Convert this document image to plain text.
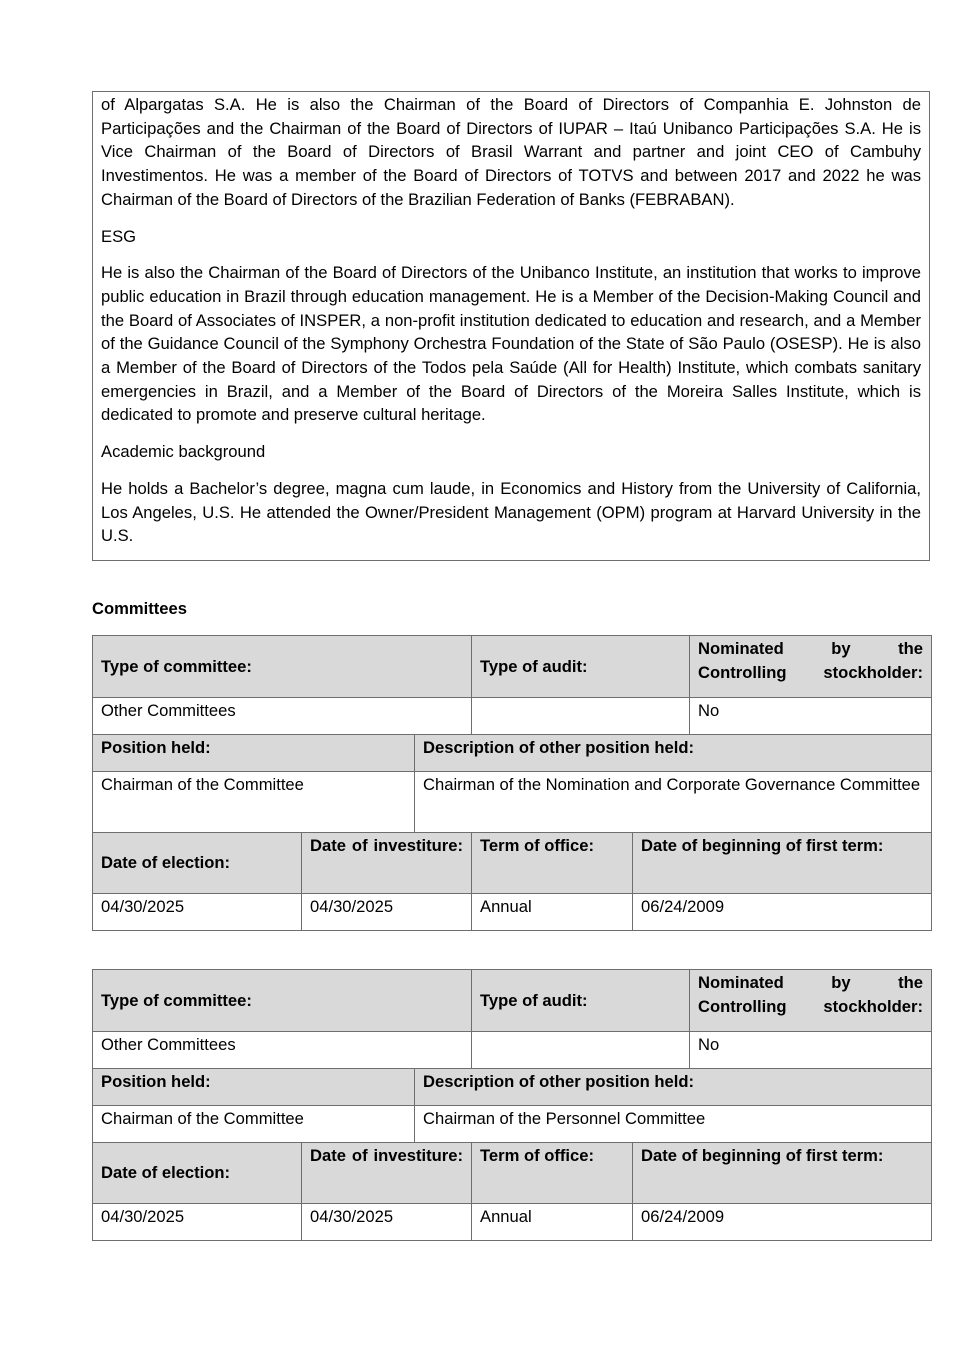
of Alpargatas S.A. He is also the Chairman of the Board of Directors of Companhia E. Johnston de Participações and the Chairman of the Board of Directors of IUPAR – Itaú Unibanco Participações S.A. He is Vice Chairman of the Board of Directors of Brasil Warrant and partner and joint CEO of Cambuhy Investimentos. He was a member of the Board of Directors of TOTVS and between 2017 and 2022 he was Chairman of the Board of Directors of the Brazilian Federation of Banks (FEBRABAN).

ESG

He is also the Chairman of the Board of Directors of the Unibanco Institute, an institution that works to improve public education in Brazil through education management. He is a Member of the Decision-Making Council and the Board of Associates of INSPER, a non-profit institution dedicated to education and research, and a Member of the Guidance Council of the Symphony Orchestra Foundation of the State of São Paulo (OSESP). He is also a Member of the Board of Directors of the Todos pela Saúde (All for Health) Institute, which combats sanitary emergencies in Brazil, and a Member of the Board of Directors of the Moreira Salles Institute, which is dedicated to promote and preserve cultural heritage.

Academic background

He holds a Bachelor’s degree, magna cum laude, in Economics and History from the University of California, Los Angeles, U.S. He attended the Owner/President Management (OPM) program at Harvard University in the U.S.

Committees

Type of committee:			Type of audit:		Nominated by the Controlling stockholder:
Other Committees					No
Position held:		Description of other position held:			
Chairman of the Committee		Chairman of the Nomination and Corporate Governance Committee			
Date of election:	Date of investiture:		Term of office:	Date of beginning of first term:	
04/30/2025	04/30/2025		Annual	06/24/2009	
Type of committee:			Type of audit:		Nominated by the Controlling stockholder:
Other Committees					No
Position held:		Description of other position held:			
Chairman of the Committee		Chairman of the Personnel Committee			
Date of election:	Date of investiture:		Term of office:	Date of beginning of first term:	
04/30/2025	04/30/2025		Annual	06/24/2009	
